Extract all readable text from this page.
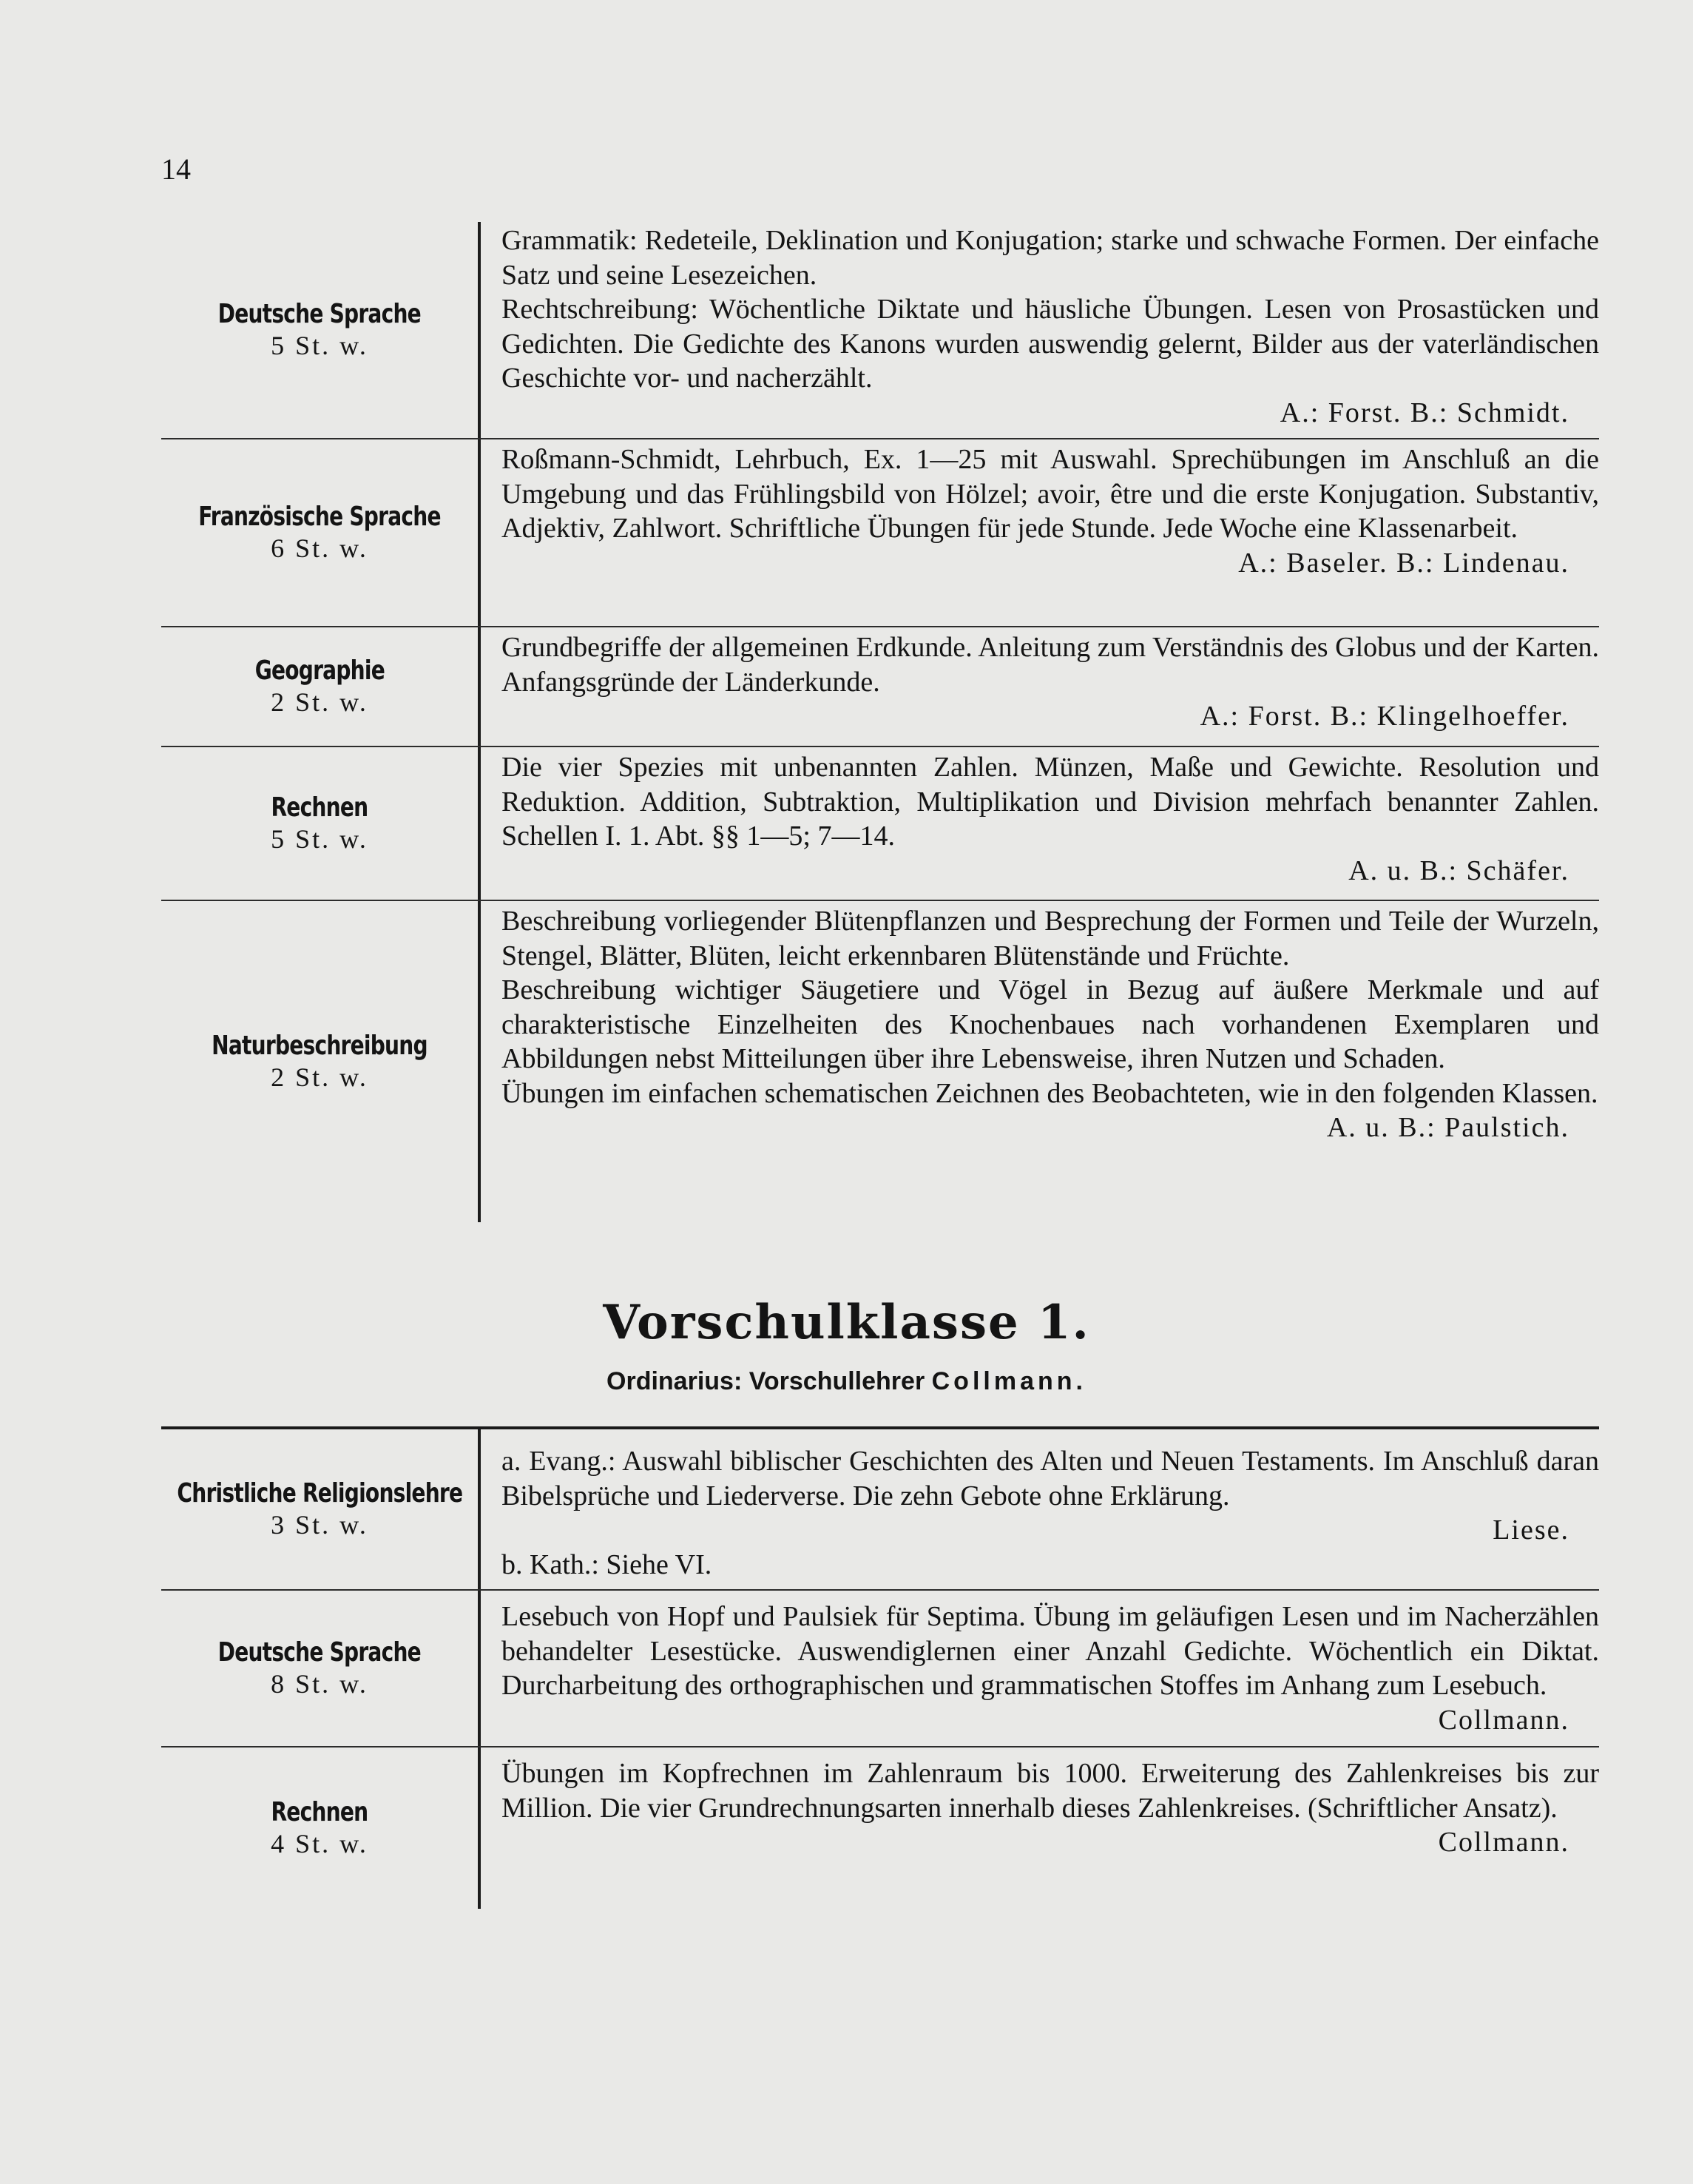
14
Deutsche Sprache
5 St. w.

Grammatik: Redeteile, Deklination und Konjugation; starke und schwache Formen. Der einfache Satz und seine Lesezeichen.

Rechtschreibung: Wöchentliche Diktate und häusliche Übungen. Lesen von Prosastücken und Gedichten. Die Gedichte des Kanons wurden auswendig gelernt, Bilder aus der vaterländischen Geschichte vor- und nacherzählt.

A.: Forst. B.: Schmidt.

Französische Sprache
6 St. w.

Roßmann-Schmidt, Lehrbuch, Ex. 1—25 mit Auswahl. Sprechübungen im Anschluß an die Umgebung und das Frühlingsbild von Hölzel; avoir, être und die erste Konjugation. Substantiv, Adjektiv, Zahlwort. Schriftliche Übungen für jede Stunde. Jede Woche eine Klassenarbeit.

A.: Baseler. B.: Lindenau.

Geographie
2 St. w.

Grundbegriffe der allgemeinen Erdkunde. Anleitung zum Verständnis des Globus und der Karten. Anfangsgründe der Länderkunde.

A.: Forst. B.: Klingelhoeffer.

Rechnen
5 St. w.

Die vier Spezies mit unbenannten Zahlen. Münzen, Maße und Gewichte. Resolution und Reduktion. Addition, Subtraktion, Multiplikation und Division mehrfach benannter Zahlen. Schellen I. 1. Abt. §§ 1—5; 7—14.

A. u. B.: Schäfer.

Naturbeschreibung
2 St. w.

Beschreibung vorliegender Blütenpflanzen und Besprechung der Formen und Teile der Wurzeln, Stengel, Blätter, Blüten, leicht erkennbaren Blütenstände und Früchte.

Beschreibung wichtiger Säugetiere und Vögel in Bezug auf äußere Merkmale und auf charakteristische Einzelheiten des Knochenbaues nach vorhandenen Exemplaren und Abbildungen nebst Mitteilungen über ihre Lebensweise, ihren Nutzen und Schaden.

Übungen im einfachen schematischen Zeichnen des Beobachteten, wie in den folgenden Klassen.

A. u. B.: Paulstich.

Vorschulklasse 1.
Ordinarius: Vorschullehrer Collmann.
Christliche Religionslehre
3 St. w.

a. Evang.: Auswahl biblischer Geschichten des Alten und Neuen Testaments. Im Anschluß daran Bibelsprüche und Liederverse. Die zehn Gebote ohne Erklärung.

Liese.

b. Kath.: Siehe VI.

Deutsche Sprache
8 St. w.

Lesebuch von Hopf und Paulsiek für Septima. Übung im geläufigen Lesen und im Nacherzählen behandelter Lesestücke. Auswendiglernen einer Anzahl Gedichte. Wöchentlich ein Diktat. Durcharbeitung des orthographischen und grammatischen Stoffes im Anhang zum Lesebuch.

Collmann.

Rechnen
4 St. w.

Übungen im Kopfrechnen im Zahlenraum bis 1000. Erweiterung des Zahlenkreises bis zur Million. Die vier Grundrechnungsarten innerhalb dieses Zahlenkreises. (Schriftlicher Ansatz).

Collmann.
